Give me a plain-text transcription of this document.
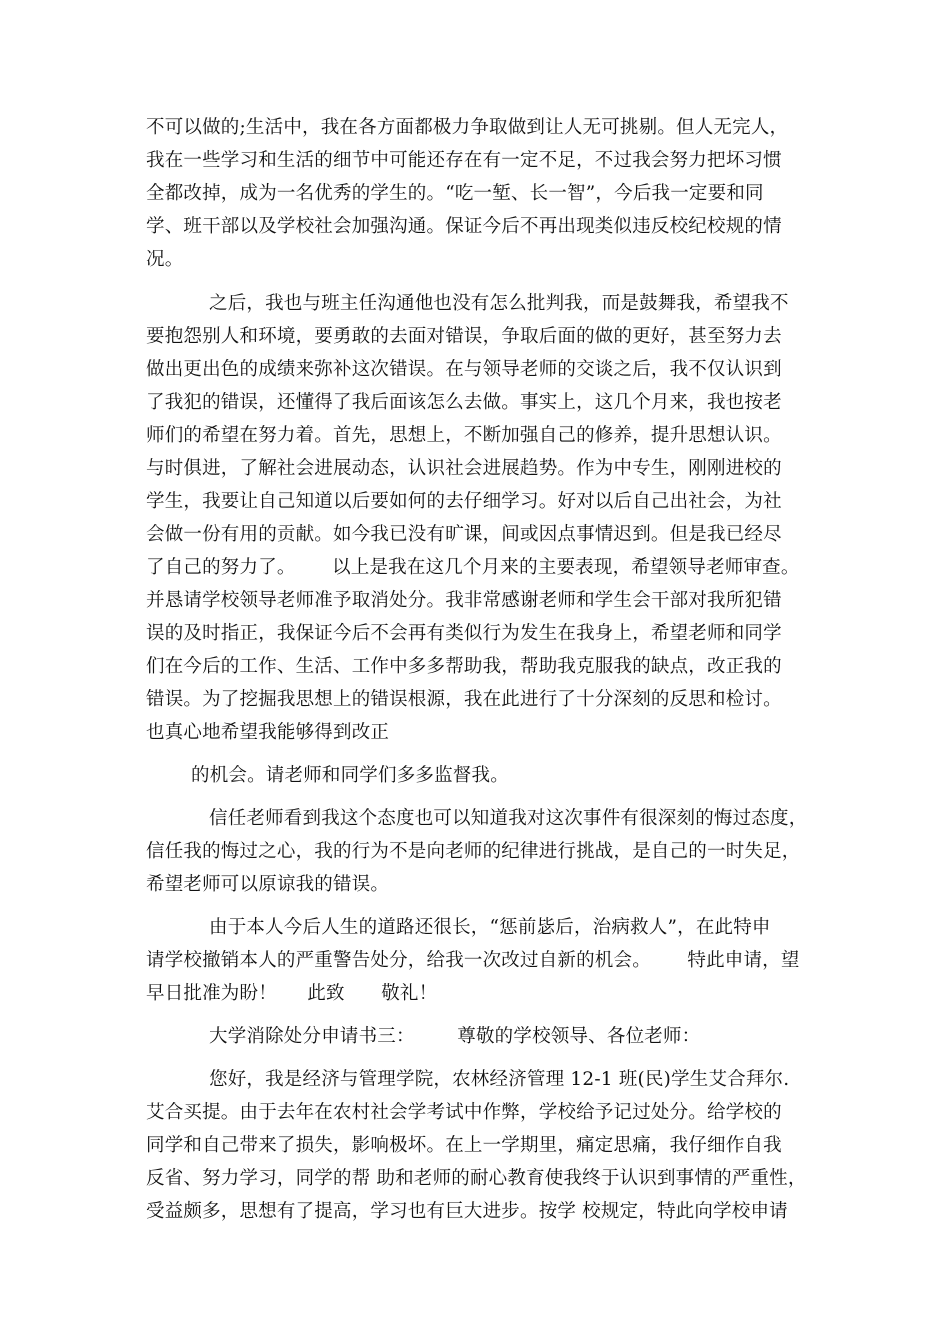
不可以做的;生活中，我在各方面都极力争取做到让人无可挑剔。但人无完人，
我在一些学习和生活的细节中可能还存在有一定不足，不过我会努力把坏习惯
全都改掉，成为一名优秀的学生的。“吃一堑、长一智”，今后我一定要和同
学、班干部以及学校社会加强沟通。保证今后不再出现类似违反校纪校规的情
况。
之后，我也与班主任沟通他也没有怎么批判我，而是鼓舞我，希望我不
要抱怨别人和环境，要勇敢的去面对错误，争取后面的做的更好，甚至努力去
做出更出色的成绩来弥补这次错误。在与领导老师的交谈之后，我不仅认识到
了我犯的错误，还懂得了我后面该怎么去做。事实上，这几个月来，我也按老
师们的希望在努力着。首先，思想上，不断加强自己的修养，提升思想认识。
与时俱进，了解社会进展动态，认识社会进展趋势。作为中专生，刚刚进校的
学生，我要让自己知道以后要如何的去仔细学习。好对以后自己出社会，为社
会做一份有用的贡献。如今我已没有旷课，间或因点事情迟到。但是我已经尽
了自己的努力了。      以上是我在这几个月来的主要表现，希望领导老师审查。
并恳请学校领导老师准予取消处分。我非常感谢老师和学生会干部对我所犯错
误的及时指正，我保证今后不会再有类似行为发生在我身上，希望老师和同学
们在今后的工作、生活、工作中多多帮助我，帮助我克服我的缺点，改正我的
错误。为了挖掘我思想上的错误根源，我在此进行了十分深刻的反思和检讨。
也真心地希望我能够得到改正
的机会。请老师和同学们多多监督我。
信任老师看到我这个态度也可以知道我对这次事件有很深刻的悔过态度，
信任我的悔过之心，我的行为不是向老师的纪律进行挑战，是自己的一时失足，
希望老师可以原谅我的错误。
由于本人今后人生的道路还很长，“惩前毖后，治病救人”，在此特申
请学校撤销本人的严重警告处分，给我一次改过自新的机会。      特此申请，望
早日批准为盼！     此致      敬礼！
大学消除处分申请书三：       尊敬的学校领导、各位老师：
您好，我是经济与管理学院，农林经济管理 12-1 班(民)学生艾合拜尔.
艾合买提。由于去年在农村社会学考试中作弊，学校给予记过处分。给学校的
同学和自己带来了损失，影响极坏。在上一学期里，痛定思痛，我仔细作自我
反省、努力学习，同学的帮 助和老师的耐心教育使我终于认识到事情的严重性，
受益颇多，思想有了提高，学习也有巨大进步。按学 校规定，特此向学校申请
